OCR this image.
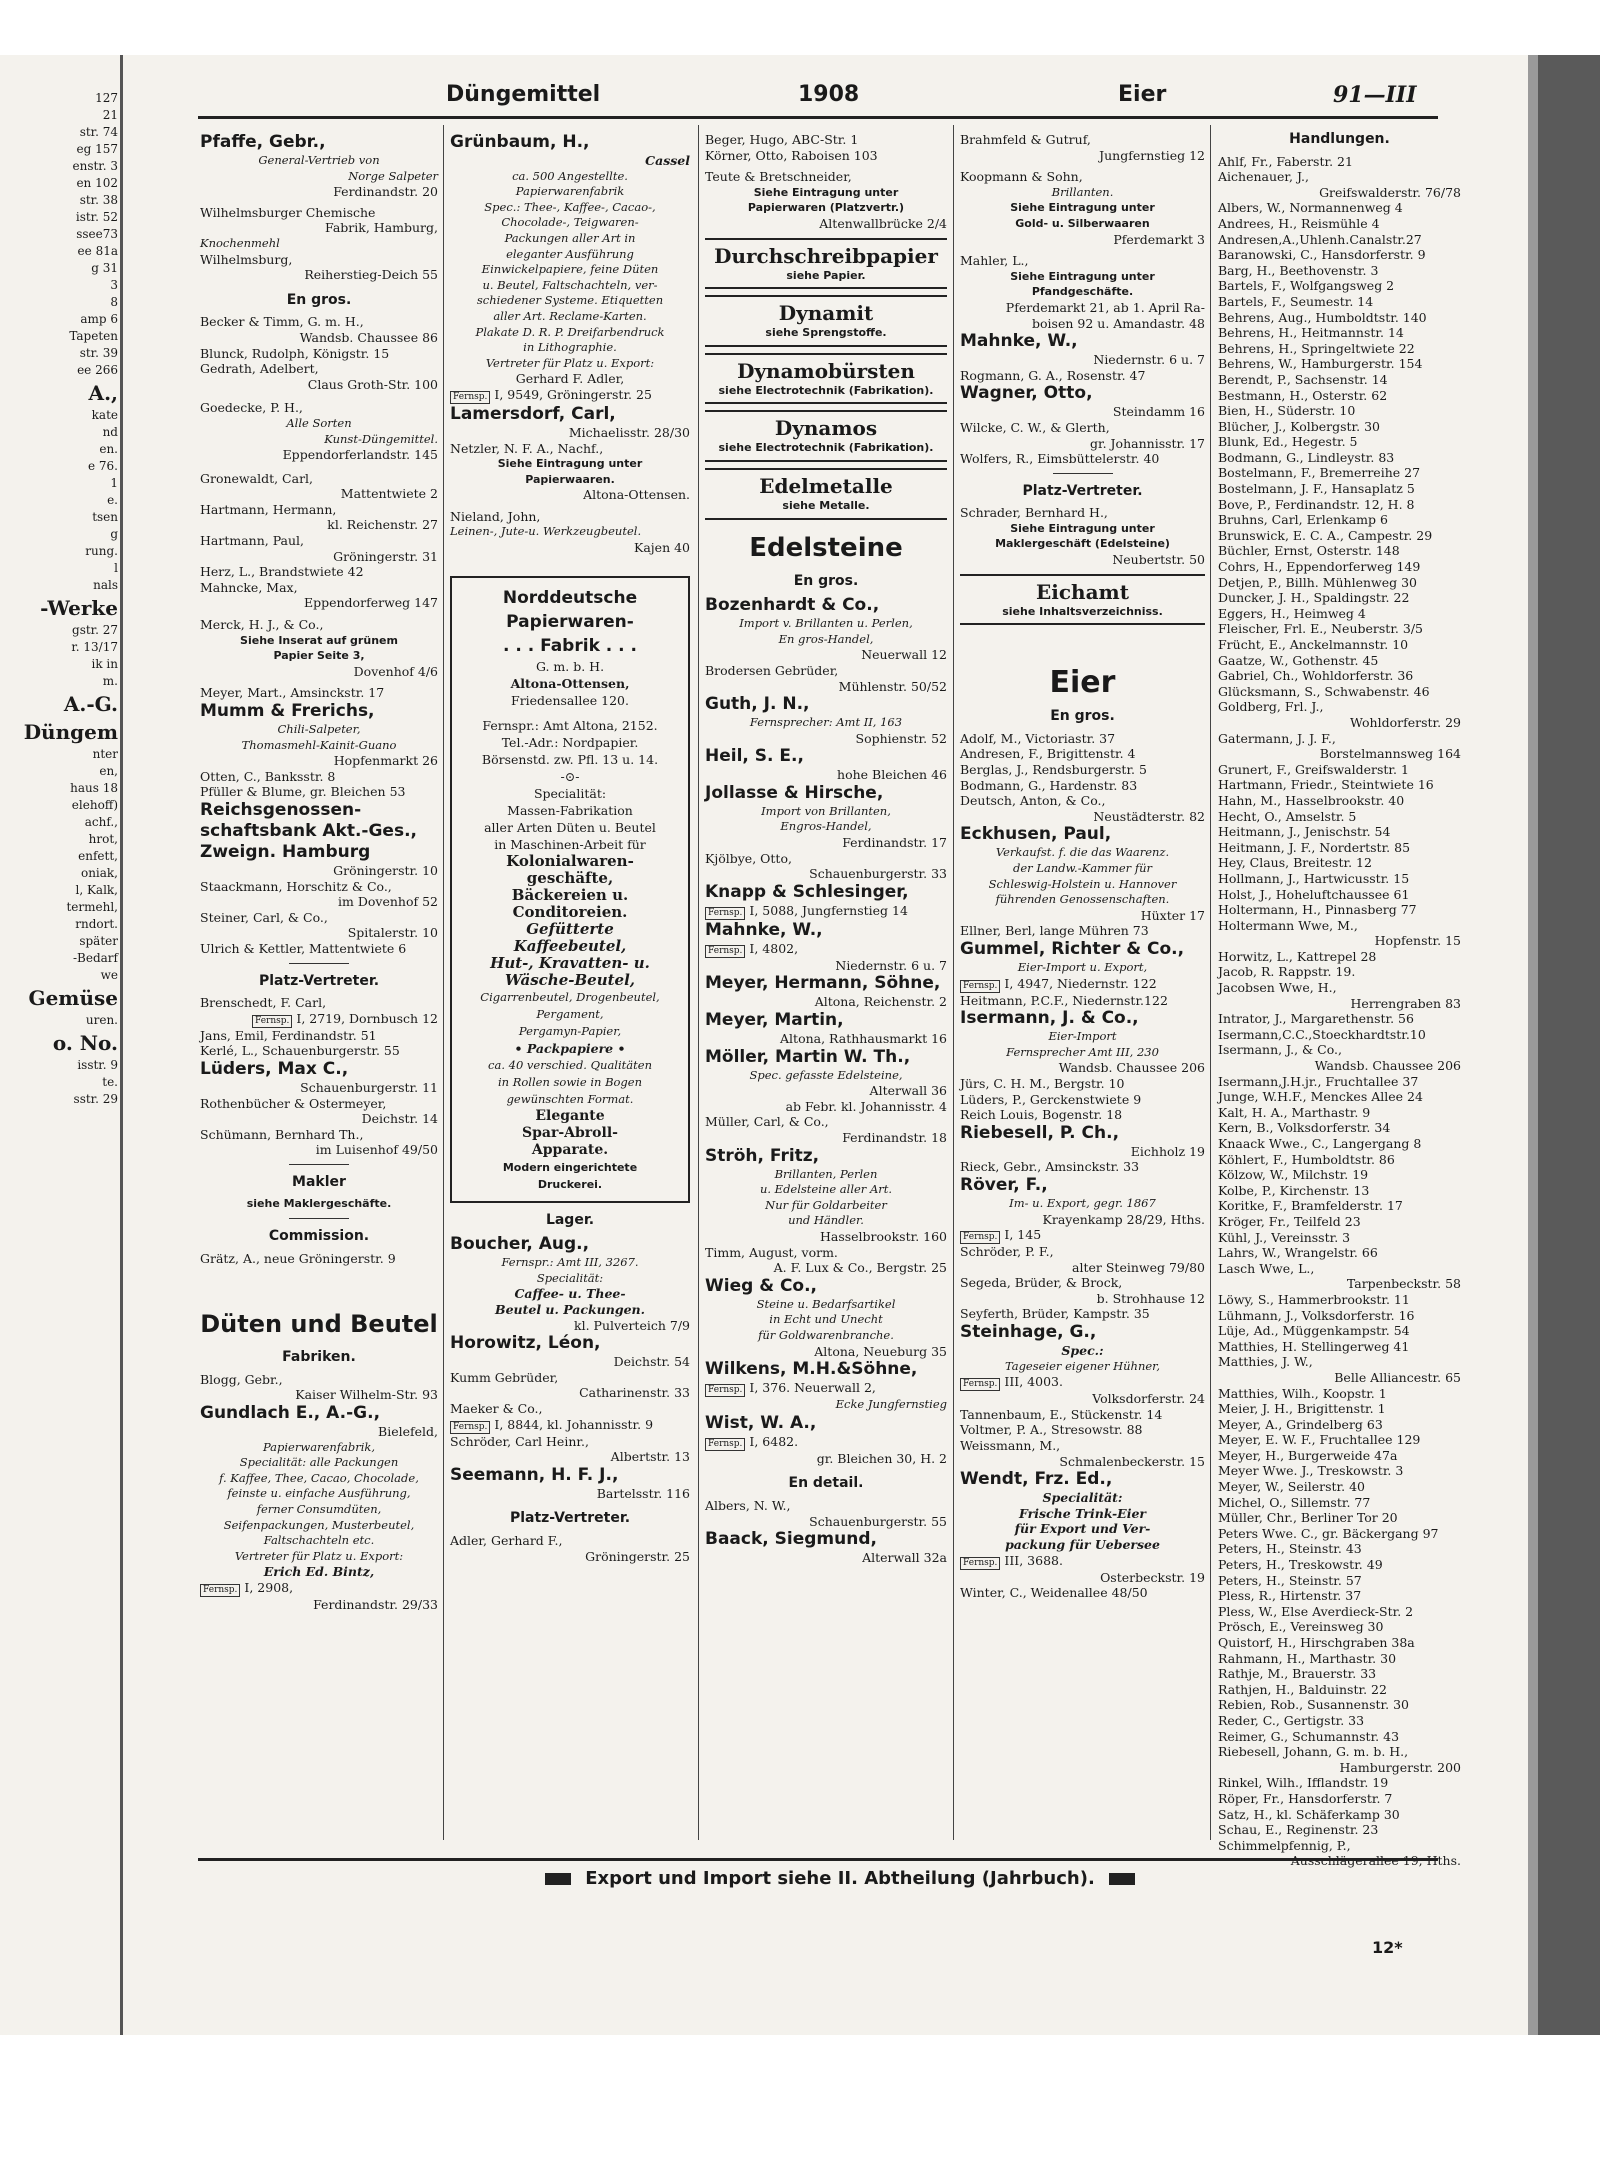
127
21
str. 74
eg 157
enstr. 3
en 102
str. 38
istr. 52
ssee73
ee 81a
g 31
3
8
amp 6
Tapeten
str. 39
ee 266
A.,
kate
nd
en.
e 76.
1
e.
tsen
g
rung.
l
nals
-Werke
gstr. 27
r. 13/17
ik in
m.
A.-G.
Düngem
nter
en,
haus 18
elehoff)
achf.,
hrot,
enfett,
oniak,
l, Kalk,
termehl,
rndort.
später
-Bedarf
we
Gemüse
uren.
o. No.
isstr. 9
te.
sstr. 29
Düngemittel	1908	Eier	91—III
Pfaffe, Gebr.,
General-Vertrieb von
Norge Salpeter
Ferdinandstr. 20
Wilhelmsburger Chemische
Fabrik, Hamburg,
Knochenmehl
Wilhelmsburg,
Reiherstieg-Deich 55
En gros.
Becker & Timm, G. m. H.,
Wandsb. Chaussee 86
Blunck, Rudolph, Königstr. 15
Gedrath, Adelbert,
Claus Groth-Str. 100
Goedecke, P. H.,
Alle Sorten
Kunst-Düngemittel.
Eppendorferlandstr. 145
Gronewaldt, Carl,
Mattentwiete 2
Hartmann, Hermann,
kl. Reichenstr. 27
Hartmann, Paul,
Gröningerstr. 31
Herz, L., Brandstwiete 42
Mahncke, Max,
Eppendorferweg 147
Merck, H. J., & Co.,
Siehe Inserat auf grünem
Papier Seite 3,
Dovenhof 4/6
Meyer, Mart., Amsinckstr. 17
Mumm & Frerichs,
Chili-Salpeter,
Thomasmehl-Kainit-Guano
Hopfenmarkt 26
Otten, C., Banksstr. 8
Pfüller & Blume, gr. Bleichen 53
Reichsgenossen-schaftsbank Akt.-Ges., Zweign. Hamburg
Gröningerstr. 10
Staackmann, Horschitz & Co.,
im Dovenhof 52
Steiner, Carl, & Co.,
Spitalerstr. 10
Ulrich & Kettler, Mattentwiete 6
Platz-Vertreter.
Brenschedt, F. Carl,
Fernsp. I, 2719, Dornbusch 12
Jans, Emil, Ferdinandstr. 51
Kerlé, L., Schauenburgerstr. 55
Lüders, Max C.,
Schauenburgerstr. 11
Rothenbücher & Ostermeyer,
Deichstr. 14
Schümann, Bernhard Th.,
im Luisenhof 49/50
Makler
siehe Maklergeschäfte.
Commission.
Grätz, A., neue Gröningerstr. 9
Düten und Beutel
Fabriken.
Blogg, Gebr.,
Kaiser Wilhelm-Str. 93
Gundlach E., A.-G.,
Bielefeld,
Papierwarenfabrik,
Specialität: alle Packungen
f. Kaffee, Thee, Cacao, Chocolade,
feinste u. einfache Ausführung,
ferner Consumdüten,
Seifenpackungen, Musterbeutel,
Faltschachteln etc.
Vertreter für Platz u. Export:
Erich Ed. Bintz,
Fernsp. I, 2908,
Ferdinandstr. 29/33
Grünbaum, H.,
Cassel
ca. 500 Angestellte.
Papierwarenfabrik
Spec.: Thee-, Kaffee-, Cacao-,
Chocolade-, Teigwaren-
Packungen aller Art in
eleganter Ausführung
Einwickelpapiere, feine Düten
u. Beutel, Faltschachteln, ver-
schiedener Systeme. Etiquetten
aller Art. Reclame-Karten.
Plakate D. R. P. Dreifarbendruck
in Lithographie.
Vertreter für Platz u. Export:
Gerhard F. Adler,
Fernsp. I, 9549, Gröningerstr. 25
Lamersdorf, Carl,
Michaelisstr. 28/30
Netzler, N. F. A., Nachf.,
Siehe Eintragung unter
Papierwaaren.
Altona-Ottensen.
Nieland, John,
Leinen-, Jute-u. Werkzeugbeutel.
Kajen 40
Norddeutsche
Papierwaren-
. . . Fabrik . . .
G. m. b. H.
Altona-Ottensen,
Friedensallee 120.
Fernspr.: Amt Altona, 2152.
Tel.-Adr.: Nordpapier.
Börsenstd. zw. Pfl. 13 u. 14.
-⊙-
Specialität:
Massen-Fabrikation
aller Arten Düten u. Beutel
in Maschinen-Arbeit für
Kolonialwaren-
geschäfte,
Bäckereien u.
Conditoreien.
Gefütterte
Kaffeebeutel,
Hut-, Kravatten- u.
Wäsche-Beutel,
Cigarrenbeutel, Drogenbeutel,
Pergament,
Pergamyn-Papier,
• Packpapiere •
ca. 40 verschied. Qualitäten
in Rollen sowie in Bogen
gewünschten Format.
Elegante
Spar-Abroll-
Apparate.
Modern eingerichtete
Druckerei.
Lager.
Boucher, Aug.,
Fernspr.: Amt III, 3267.
Specialität:
Caffee- u. Thee-
Beutel u. Packungen.
kl. Pulverteich 7/9
Horowitz, Léon,
Deichstr. 54
Kumm Gebrüder,
Catharinenstr. 33
Maeker & Co.,
Fernsp. I, 8844, kl. Johannisstr. 9
Schröder, Carl Heinr.,
Albertstr. 13
Seemann, H. F. J.,
Bartelsstr. 116
Platz-Vertreter.
Adler, Gerhard F.,
Gröningerstr. 25
Beger, Hugo, ABC-Str. 1
Körner, Otto, Raboisen 103
Teute & Bretschneider,
Siehe Eintragung unter
Papierwaren (Platzvertr.)
Altenwallbrücke 2/4
Durchschreibpapier
siehe Papier.
Dynamit
siehe Sprengstoffe.
Dynamobürsten
siehe Electrotechnik (Fabrikation).
Dynamos
siehe Electrotechnik (Fabrikation).
Edelmetalle
siehe Metalle.
Edelsteine
En gros.
Bozenhardt & Co.,
Import v. Brillanten u. Perlen,
En gros-Handel,
Neuerwall 12
Brodersen Gebrüder,
Mühlenstr. 50/52
Guth, J. N.,
Fernsprecher: Amt II, 163
Sophienstr. 52
Heil, S. E.,
hohe Bleichen 46
Jollasse & Hirsche,
Import von Brillanten,
Engros-Handel,
Ferdinandstr. 17
Kjölbye, Otto,
Schauenburgerstr. 33
Knapp & Schlesinger,
Fernsp. I, 5088, Jungfernstieg 14
Mahnke, W.,
Fernsp. I, 4802,
Niedernstr. 6 u. 7
Meyer, Hermann, Söhne,
Altona, Reichenstr. 2
Meyer, Martin,
Altona, Rathhausmarkt 16
Möller, Martin W. Th.,
Spec. gefasste Edelsteine,
Alterwall 36
ab Febr. kl. Johannisstr. 4
Müller, Carl, & Co.,
Ferdinandstr. 18
Ströh, Fritz,
Brillanten, Perlen
u. Edelsteine aller Art.
Nur für Goldarbeiter
und Händler.
Hasselbrookstr. 160
Timm, August, vorm.
A. F. Lux & Co., Bergstr. 25
Wieg & Co.,
Steine u. Bedarfsartikel
in Echt und Unecht
für Goldwarenbranche.
Altona, Neueburg 35
Wilkens, M.H.&Söhne,
Fernsp. I, 376. Neuerwall 2,
Ecke Jungfernstieg
Wist, W. A.,
Fernsp. I, 6482.
gr. Bleichen 30, H. 2
En detail.
Albers, N. W.,
Schauenburgerstr. 55
Baack, Siegmund,
Alterwall 32a
Brahmfeld & Gutruf,
Jungfernstieg 12
Koopmann & Sohn,
Brillanten.
Siehe Eintragung unter
Gold- u. Silberwaaren
Pferdemarkt 3
Mahler, L.,
Siehe Eintragung unter
Pfandgeschäfte.
Pferdemarkt 21, ab 1. April Ra-
boisen 92 u. Amandastr. 48
Mahnke, W.,
Niedernstr. 6 u. 7
Rogmann, G. A., Rosenstr. 47
Wagner, Otto,
Steindamm 16
Wilcke, C. W., & Glerth,
gr. Johannisstr. 17
Wolfers, R., Eimsbüttelerstr. 40
Platz-Vertreter.
Schrader, Bernhard H.,
Siehe Eintragung unter
Maklergeschäft (Edelsteine)
Neubertstr. 50
Eichamt
siehe Inhaltsverzeichniss.
Eier
En gros.
Adolf, M., Victoriastr. 37
Andresen, F., Brigittenstr. 4
Berglas, J., Rendsburgerstr. 5
Bodmann, G., Hardenstr. 83
Deutsch, Anton, & Co.,
Neustädterstr. 82
Eckhusen, Paul,
Verkaufst. f. die das Waarenz.
der Landw.-Kammer für
Schleswig-Holstein u. Hannover
führenden Genossenschaften.
Hüxter 17
Ellner, Berl, lange Mühren 73
Gummel, Richter & Co.,
Eier-Import u. Export,
Fernsp. I, 4947, Niedernstr. 122
Heitmann, P.C.F., Niedernstr.122
Isermann, J. & Co.,
Eier-Import
Fernsprecher Amt III, 230
Wandsb. Chaussee 206
Jürs, C. H. M., Bergstr. 10
Lüders, P., Gerckenstwiete 9
Reich Louis, Bogenstr. 18
Riebesell, P. Ch.,
Eichholz 19
Rieck, Gebr., Amsinckstr. 33
Röver, F.,
Im- u. Export, gegr. 1867
Krayenkamp 28/29, Hths.
Fernsp. I, 145
Schröder, P. F.,
alter Steinweg 79/80
Segeda, Brüder, & Brock,
b. Strohhause 12
Seyferth, Brüder, Kampstr. 35
Steinhage, G.,
Spec.:
Tageseier eigener Hühner,
Fernsp. III, 4003.
Volksdorferstr. 24
Tannenbaum, E., Stückenstr. 14
Voltmer, P. A., Stresowstr. 88
Weissmann, M.,
Schmalenbeckerstr. 15
Wendt, Frz. Ed.,
Specialität:
Frische Trink-Eier
für Export und Ver-
packung für Uebersee
Fernsp. III, 3688.
Osterbeckstr. 19
Winter, C., Weidenallee 48/50
Handlungen.
Ahlf, Fr., Faberstr. 21
Aichenauer, J.,
Greifswalderstr. 76/78
Albers, W., Normannenweg 4
Andrees, H., Reismühle 4
Andresen,A.,Uhlenh.Canalstr.27
Baranowski, C., Hansdorferstr. 9
Barg, H., Beethovenstr. 3
Bartels, F., Wolfgangsweg 2
Bartels, F., Seumestr. 14
Behrens, Aug., Humboldtstr. 140
Behrens, H., Heitmannstr. 14
Behrens, H., Springeltwiete 22
Behrens, W., Hamburgerstr. 154
Berendt, P., Sachsenstr. 14
Bestmann, H., Osterstr. 62
Bien, H., Süderstr. 10
Blücher, J., Kolbergstr. 30
Blunk, Ed., Hegestr. 5
Bodmann, G., Lindleystr. 83
Bostelmann, F., Bremerreihe 27
Bostelmann, J. F., Hansaplatz 5
Bove, P., Ferdinandstr. 12, H. 8
Bruhns, Carl, Erlenkamp 6
Brunswick, E. C. A., Campestr. 29
Büchler, Ernst, Osterstr. 148
Cohrs, H., Eppendorferweg 149
Detjen, P., Billh. Mühlenweg 30
Duncker, J. H., Spaldingstr. 22
Eggers, H., Heimweg 4
Fleischer, Frl. E., Neuberstr. 3/5
Frücht, E., Anckelmannstr. 10
Gaatze, W., Gothenstr. 45
Gabriel, Ch., Wohldorferstr. 36
Glücksmann, S., Schwabenstr. 46
Goldberg, Frl. J.,
Wohldorferstr. 29
Gatermann, J. J. F.,
Borstelmannsweg 164
Grunert, F., Greifswalderstr. 1
Hartmann, Friedr., Steintwiete 16
Hahn, M., Hasselbrookstr. 40
Hecht, O., Amselstr. 5
Heitmann, J., Jenischstr. 54
Heitmann, J. F., Nordertstr. 85
Hey, Claus, Breitestr. 12
Hollmann, J., Hartwicusstr. 15
Holst, J., Hoheluftchaussee 61
Holtermann, H., Pinnasberg 77
Holtermann Wwe, M.,
Hopfenstr. 15
Horwitz, L., Kattrepel 28
Jacob, R. Rappstr. 19.
Jacobsen Wwe, H.,
Herrengraben 83
Intrator, J., Margarethenstr. 56
Isermann,C.C.,Stoeckhardtstr.10
Isermann, J., & Co.,
Wandsb. Chaussee 206
Isermann,J.H.jr., Fruchtallee 37
Junge, W.H.F., Menckes Allee 24
Kalt, H. A., Marthastr. 9
Kern, B., Volksdorferstr. 34
Knaack Wwe., C., Langergang 8
Köhlert, F., Humboldtstr. 86
Kölzow, W., Milchstr. 19
Kolbe, P., Kirchenstr. 13
Koritke, F., Bramfelderstr. 17
Kröger, Fr., Teilfeld 23
Kühl, J., Vereinsstr. 3
Lahrs, W., Wrangelstr. 66
Lasch Wwe, L.,
Tarpenbeckstr. 58
Löwy, S., Hammerbrookstr. 11
Lühmann, J., Volksdorferstr. 16
Lüje, Ad., Müggenkampstr. 54
Matthies, H. Stellingerweg 41
Matthies, J. W.,
Belle Alliancestr. 65
Matthies, Wilh., Koopstr. 1
Meier, J. H., Brigittenstr. 1
Meyer, A., Grindelberg 63
Meyer, E. W. F., Fruchtallee 129
Meyer, H., Burgerweide 47a
Meyer Wwe. J., Treskowstr. 3
Meyer, W., Seilerstr. 40
Michel, O., Sillemstr. 77
Müller, Chr., Berliner Tor 20
Peters Wwe. C., gr. Bäckergang 97
Peters, H., Steinstr. 43
Peters, H., Treskowstr. 49
Peters, H., Steinstr. 57
Pless, R., Hirtenstr. 37
Pless, W., Else Averdieck-Str. 2
Prösch, E., Vereinsweg 30
Quistorf, H., Hirschgraben 38a
Rahmann, H., Marthastr. 30
Rathje, M., Brauerstr. 33
Rathjen, H., Balduinstr. 22
Rebien, Rob., Susannenstr. 30
Reder, C., Gertigstr. 33
Reimer, G., Schumannstr. 43
Riebesell, Johann, G. m. b. H.,
Hamburgerstr. 200
Rinkel, Wilh., Ifflandstr. 19
Röper, Fr., Hansdorferstr. 7
Satz, H., kl. Schäferkamp 30
Schau, E., Reginenstr. 23
Schimmelpfennig, P.,
Ausschlägerallee 19, Hths.
Export und Import siehe II. Abtheilung (Jahrbuch).
12*
